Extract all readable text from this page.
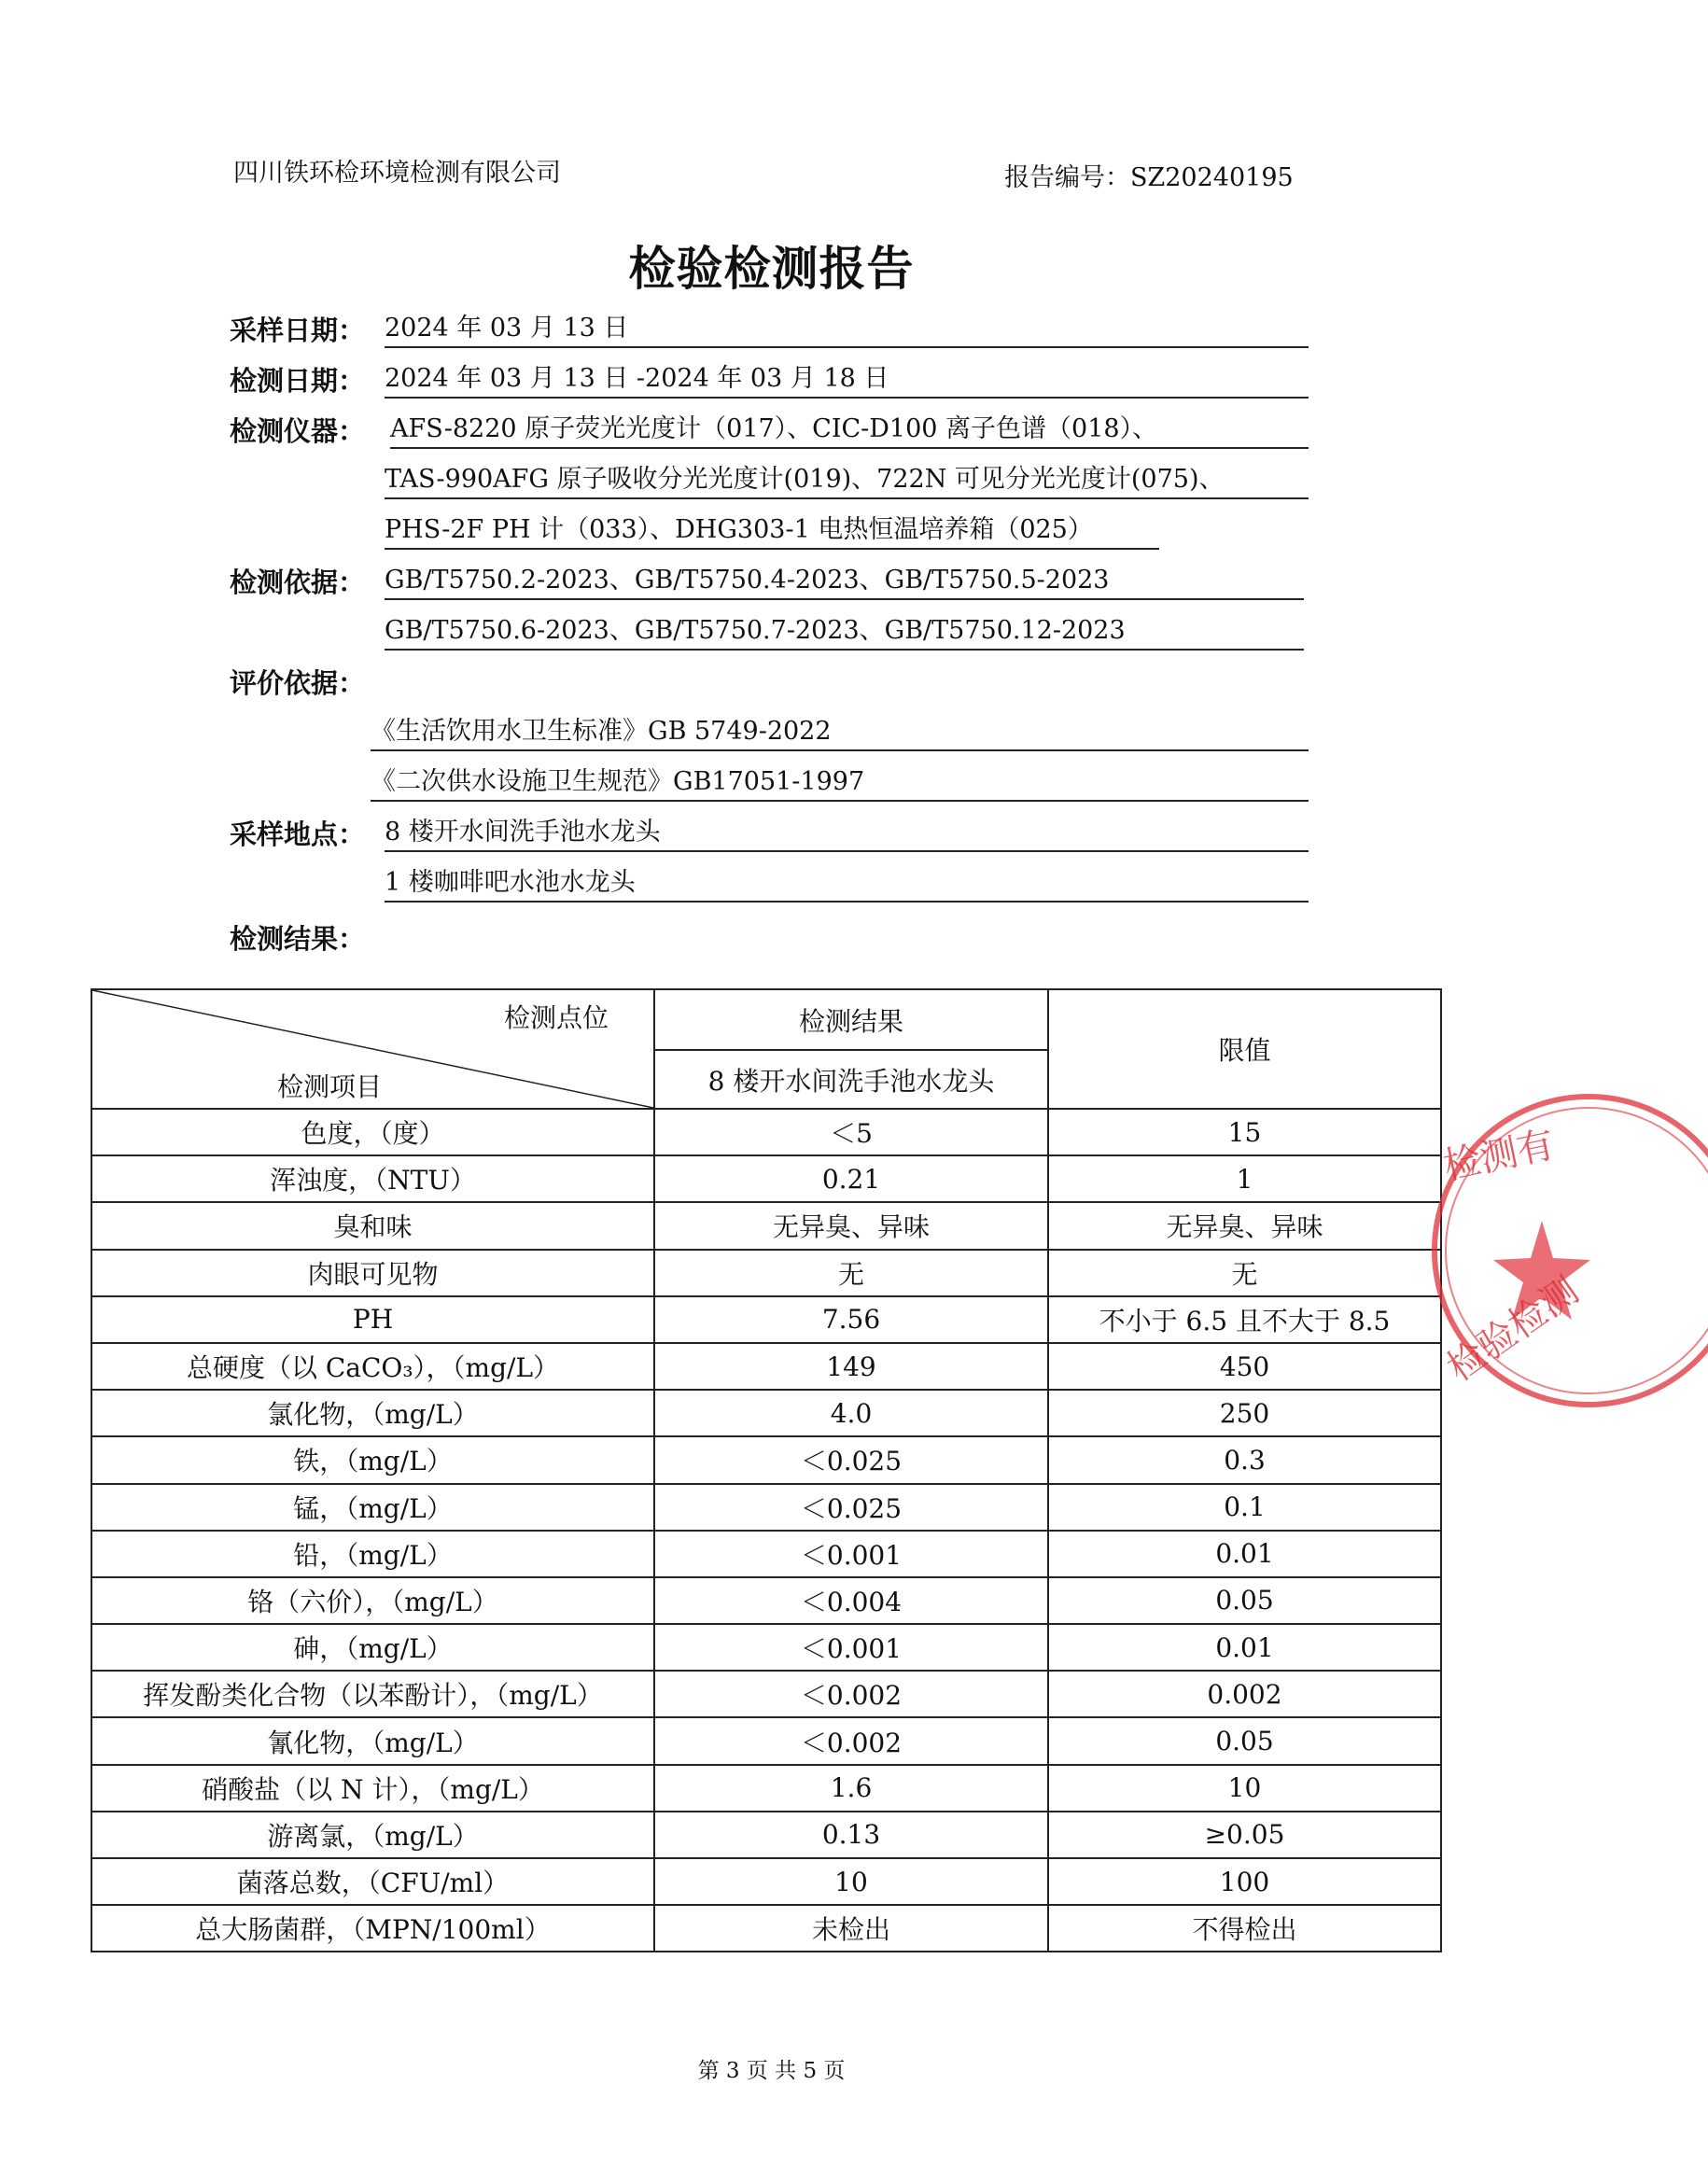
四川铁环检环境检测有限公司	报告编号：SZ20240195
检验检测报告
采样日期： 2024 年 03 月 13 日
检测日期： 2024 年 03 月 13 日 -2024 年 03 月 18 日
检测仪器： AFS-8220 原子荧光光度计（017）、CIC-D100 离子色谱（018）、
TAS-990AFG 原子吸收分光光度计(019)、722N 可见分光光度计(075)、
PHS-2F PH 计（033）、DHG303-1 电热恒温培养箱（025）
检测依据： GB/T5750.2-2023、GB/T5750.4-2023、GB/T5750.5-2023
GB/T5750.6-2023、GB/T5750.7-2023、GB/T5750.12-2023
评价依据：
《生活饮用水卫生标准》GB 5749-2022
《二次供水设施卫生规范》GB17051-1997
采样地点： 8 楼开水间洗手池水龙头
1 楼咖啡吧水池水龙头
检测结果：
检测点位
检测项目	检测结果	限值
	8 楼开水间洗手池水龙头	
色度，（度）	＜5	15
浑浊度，（NTU）	0.21	1
臭和味	无异臭、异味	无异臭、异味
肉眼可见物	无	无
PH	7.56	不小于 6.5 且不大于 8.5
总硬度（以 CaCO₃），（mg/L）	149	450
氯化物，（mg/L）	4.0	250
铁，（mg/L）	＜0.025	0.3
锰，（mg/L）	＜0.025	0.1
铅，（mg/L）	＜0.001	0.01
铬（六价），（mg/L）	＜0.004	0.05
砷，（mg/L）	＜0.001	0.01
挥发酚类化合物（以苯酚计），（mg/L）	＜0.002	0.002
氰化物，（mg/L）	＜0.002	0.05
硝酸盐（以 N 计），（mg/L）	1.6	10
游离氯，（mg/L）	0.13	≥0.05
菌落总数，（CFU/ml）	10	100
总大肠菌群，（MPN/100ml）	未检出	不得检出
检测有
检验检测
第 3 页 共 5 页
